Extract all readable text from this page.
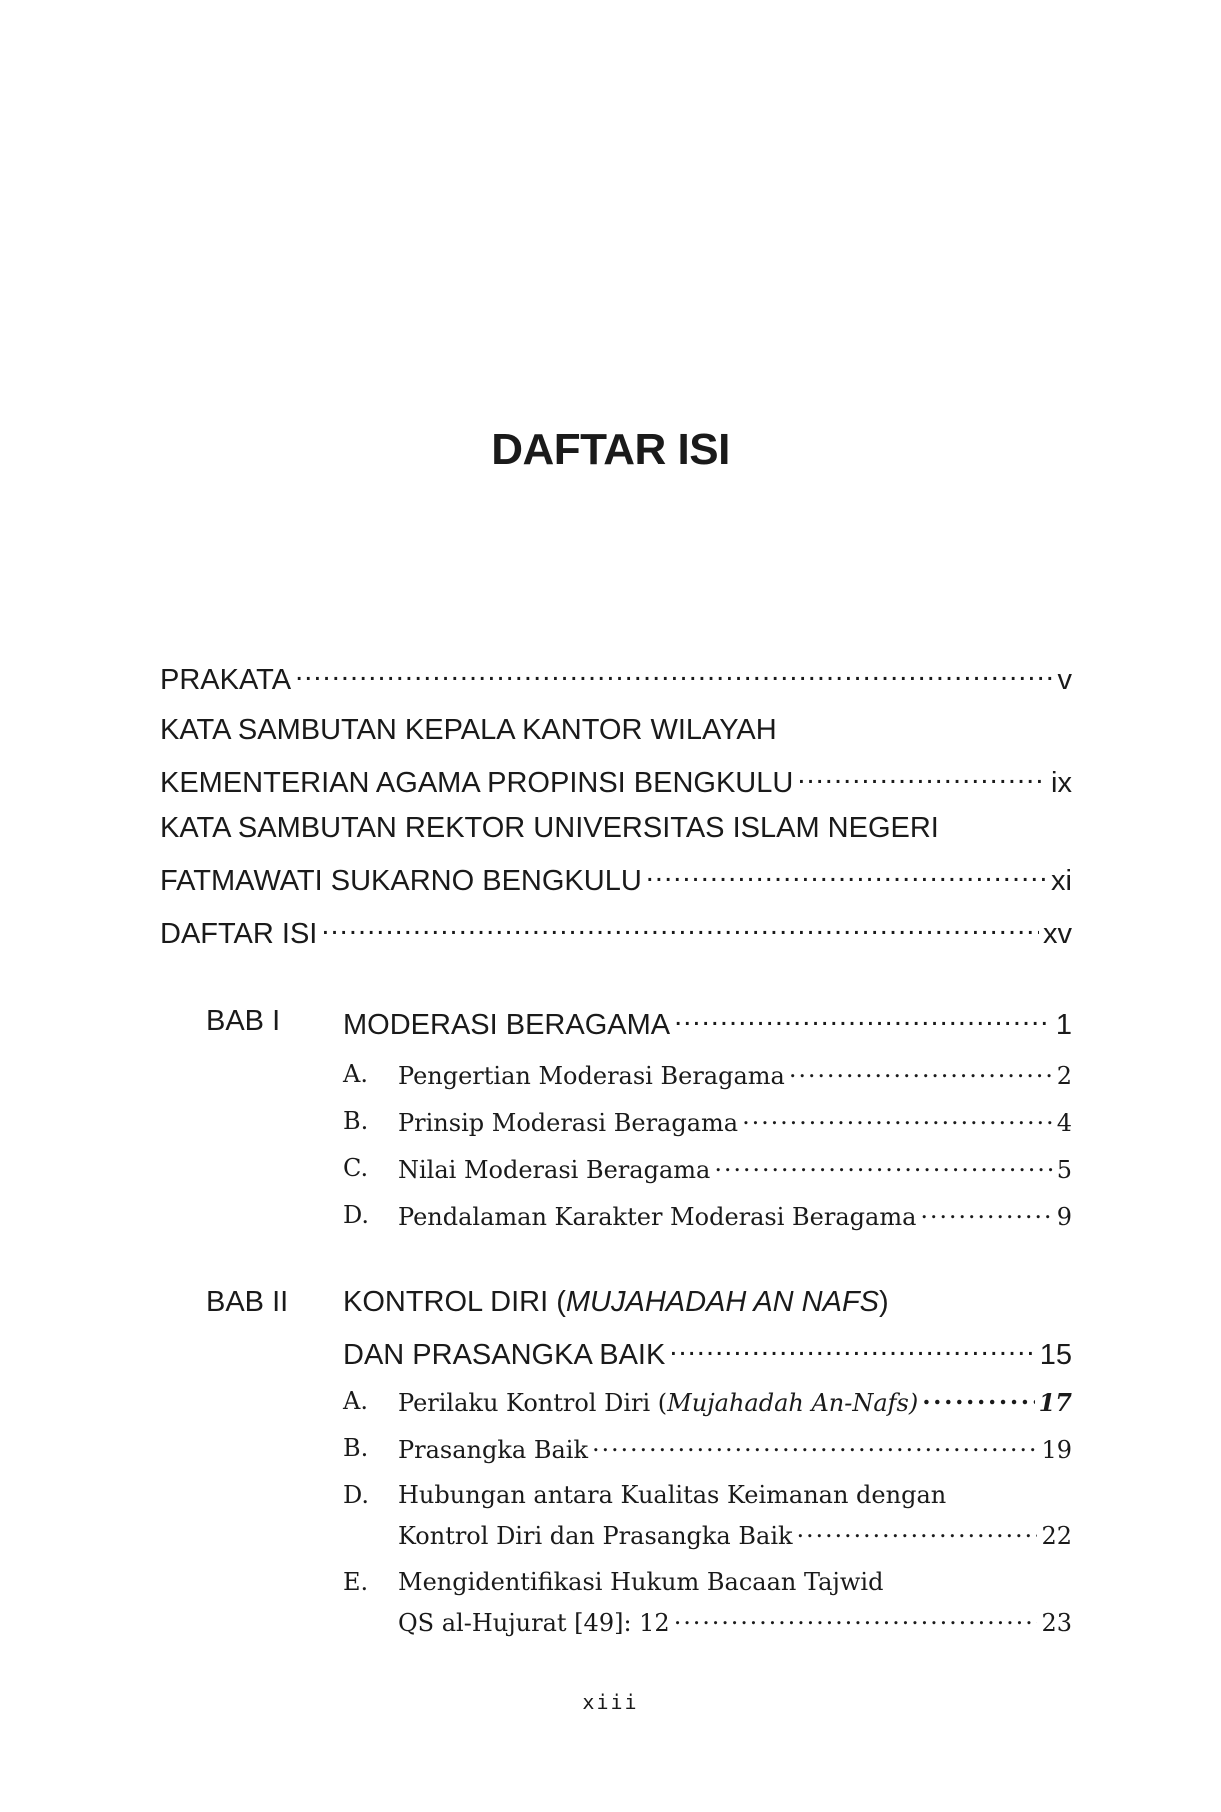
DAFTAR ISI
PRAKATA . . .	v
KATA SAMBUTAN KEPALA KANTOR WILAYAH
KEMENTERIAN AGAMA PROPINSI BENGKULU . . .	ix
KATA SAMBUTAN REKTOR UNIVERSITAS ISLAM NEGERI
FATMAWATI SUKARNO BENGKULU . . .	xi
DAFTAR ISI . . .	xv
BAB I MODERASI BERAGAMA . . .	1
A. Pengertian Moderasi Beragama . . .	2
B. Prinsip Moderasi Beragama . . .	4
C. Nilai Moderasi Beragama . . .	5
D. Pendalaman Karakter Moderasi Beragama . . .	9
BAB II KONTROL DIRI (MUJAHADAH AN NAFS)
DAN PRASANGKA BAIK . . .	15
A. Perilaku Kontrol Diri (Mujahadah An-Nafs) . . .	17
B. Prasangka Baik . . .	19
D. Hubungan antara Kualitas Keimanan dengan
Kontrol Diri dan Prasangka Baik . . .	22
E. Mengidentifikasi Hukum Bacaan Tajwid
QS al-Hujurat [49]: 12 . . .	23
xiii
